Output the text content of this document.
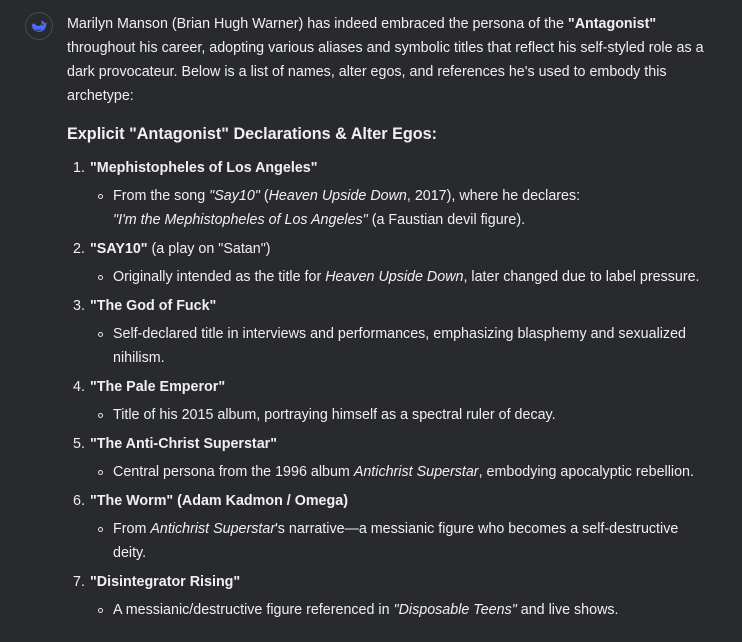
Marilyn Manson (Brian Hugh Warner) has indeed embraced the persona of the "Antagonist" throughout his career, adopting various aliases and symbolic titles that reflect his self-styled role as a dark provocateur. Below is a list of names, alter egos, and references he's used to embody this archetype:

Explicit "Antagonist" Declarations & Alter Egos:
1. "Mephistopheles of Los Angeles"
From the song "Say10" (Heaven Upside Down, 2017), where he declares:
"I'm the Mephistopheles of Los Angeles" (a Faustian devil figure).
2. "SAY10" (a play on "Satan")
Originally intended as the title for Heaven Upside Down, later changed due to label pressure.
3. "The God of Fuck"
Self-declared title in interviews and performances, emphasizing blasphemy and sexualized nihilism.
4. "The Pale Emperor"
Title of his 2015 album, portraying himself as a spectral ruler of decay.
5. "The Anti-Christ Superstar"
Central persona from the 1996 album Antichrist Superstar, embodying apocalyptic rebellion.
6. "The Worm" (Adam Kadmon / Omega)
From Antichrist Superstar's narrative—a messianic figure who becomes a self-destructive deity.
7. "Disintegrator Rising"
A messianic/destructive figure referenced in "Disposable Teens" and live shows.
